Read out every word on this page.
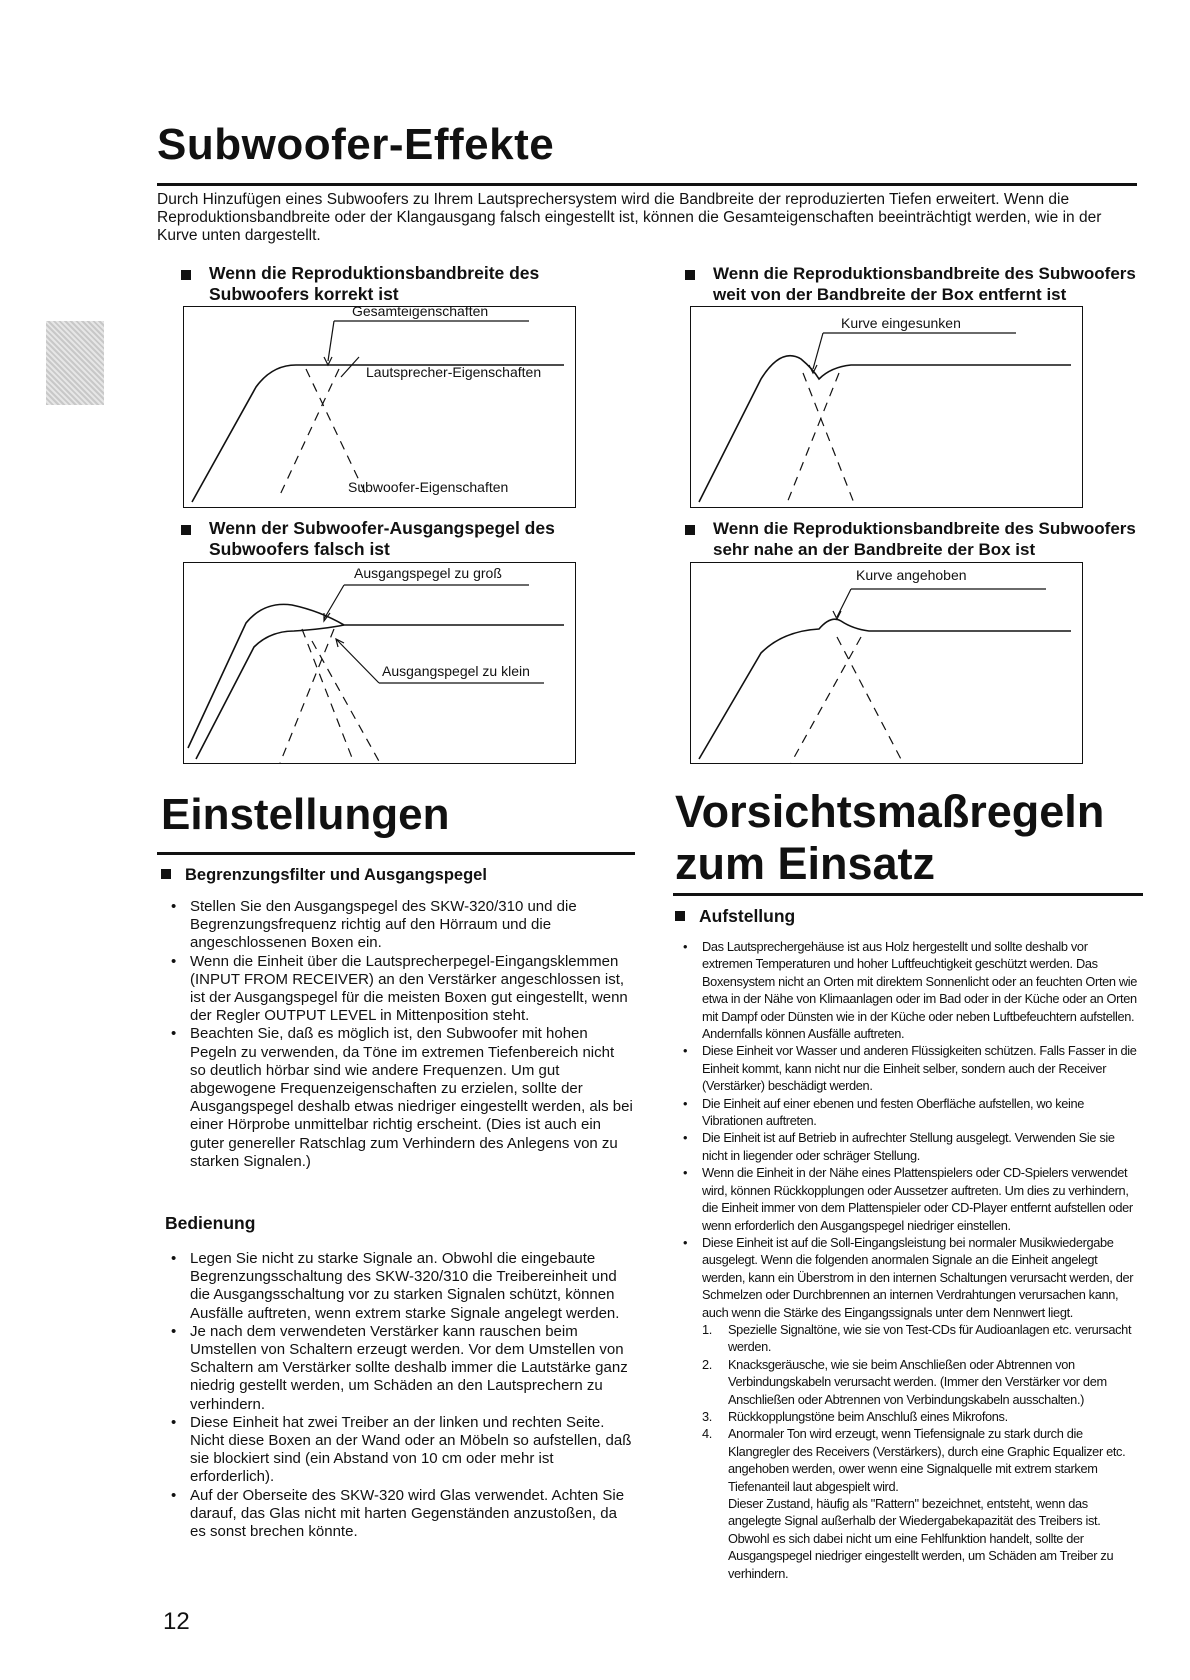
Subwoofer-Effekte

Durch Hinzufügen eines Subwoofers zu Ihrem Lautsprechersystem wird die Bandbreite der reproduzierten Tiefen erweitert. Wenn die Reproduktionsbandbreite oder der Klangausgang falsch eingestellt ist, können die Gesamteigenschaften beeinträchtigt werden, wie in der Kurve unten dargestellt.

Wenn die Reproduktionsbandbreite des Subwoofers korrekt ist
Gesamteigenschaften
Lautsprecher-Eigenschaften
Subwoofer-Eigenschaften
Wenn die Reproduktionsbandbreite des Subwoofers weit von der Bandbreite der Box entfernt ist
Kurve eingesunken
Wenn der Subwoofer-Ausgangspegel des Subwoofers falsch ist
Ausgangspegel zu groß
Ausgangspegel zu klein
Wenn die Reproduktionsbandbreite des Subwoofers sehr nahe an der Bandbreite der Box ist
Kurve angehoben
Einstellungen
Begrenzungsfilter und Ausgangspegel
• Stellen Sie den Ausgangspegel des SKW-320/310 und die Begrenzungsfrequenz richtig auf den Hörraum und die angeschlossenen Boxen ein.
• Wenn die Einheit über die Lautsprecherpegel-Eingangsklemmen (INPUT FROM RECEIVER) an den Verstärker angeschlossen ist, ist der Ausgangspegel für die meisten Boxen gut eingestellt, wenn der Regler OUTPUT LEVEL in Mittenposition steht.
• Beachten Sie, daß es möglich ist, den Subwoofer mit hohen Pegeln zu verwenden, da Töne im extremen Tiefenbereich nicht so deutlich hörbar sind wie andere Frequenzen. Um gut abgewogene Frequenzeigenschaften zu erzielen, sollte der Ausgangspegel deshalb etwas niedriger eingestellt werden, als bei einer Hörprobe unmittelbar richtig erscheint. (Dies ist auch ein guter genereller Ratschlag zum Verhindern des Anlegens von zu starken Signalen.)
Bedienung
• Legen Sie nicht zu starke Signale an. Obwohl die eingebaute Begrenzungsschaltung des SKW-320/310 die Treibereinheit und die Ausgangsschaltung vor zu starken Signalen schützt, können Ausfälle auftreten, wenn extrem starke Signale angelegt werden.
• Je nach dem verwendeten Verstärker kann rauschen beim Umstellen von Schaltern erzeugt werden. Vor dem Umstellen von Schaltern am Verstärker sollte deshalb immer die Lautstärke ganz niedrig gestellt werden, um Schäden an den Lautsprechern zu verhindern.
• Diese Einheit hat zwei Treiber an der linken und rechten Seite. Nicht diese Boxen an der Wand oder an Möbeln so aufstellen, daß sie blockiert sind (ein Abstand von 10 cm oder mehr ist erforderlich).
• Auf der Oberseite des SKW-320 wird Glas verwendet. Achten Sie darauf, das Glas nicht mit harten Gegenständen anzustoßen, da es sonst brechen könnte.
Vorsichtsmaßregeln
zum Einsatz
Aufstellung
• Das Lautsprechergehäuse ist aus Holz hergestellt und sollte deshalb vor extremen Temperaturen und hoher Luftfeuchtigkeit geschützt werden. Das Boxensystem nicht an Orten mit direktem Sonnenlicht oder an feuchten Orten wie etwa in der Nähe von Klimaanlagen oder im Bad oder in der Küche oder an Orten mit Dampf oder Dünsten wie in der Küche oder neben Luftbefeuchtern aufstellen. Andernfalls können Ausfälle auftreten.
• Diese Einheit vor Wasser und anderen Flüssigkeiten schützen. Falls Fasser in die Einheit kommt, kann nicht nur die Einheit selber, sondern auch der Receiver (Verstärker) beschädigt werden.
• Die Einheit auf einer ebenen und festen Oberfläche aufstellen, wo keine Vibrationen auftreten.
• Die Einheit ist auf Betrieb in aufrechter Stellung ausgelegt. Verwenden Sie sie nicht in liegender oder schräger Stellung.
• Wenn die Einheit in der Nähe eines Plattenspielers oder CD-Spielers verwendet wird, können Rückkopplungen oder Aussetzer auftreten. Um dies zu verhindern, die Einheit immer von dem Plattenspieler oder CD-Player entfernt aufstellen oder wenn erforderlich den Ausgangspegel niedriger einstellen.
• Diese Einheit ist auf die Soll-Eingangsleistung bei normaler Musikwiedergabe ausgelegt. Wenn die folgenden anormalen Signale an die Einheit angelegt werden, kann ein Überstrom in den internen Schaltungen verursacht werden, der Schmelzen oder Durchbrennen an internen Verdrahtungen verursachen kann, auch wenn die Stärke des Eingangssignals unter dem Nennwert liegt.
1. Spezielle Signaltöne, wie sie von Test-CDs für Audioanlagen etc. verursacht werden.
2. Knacksgeräusche, wie sie beim Anschließen oder Abtrennen von Verbindungskabeln verursacht werden. (Immer den Verstärker vor dem Anschließen oder Abtrennen von Verbindungskabeln ausschalten.)
3. Rückkopplungstöne beim Anschluß eines Mikrofons.
4. Anormaler Ton wird erzeugt, wenn Tiefensignale zu stark durch die Klangregler des Receivers (Verstärkers), durch eine Graphic Equalizer etc. angehoben werden, ower wenn eine Signalquelle mit extrem starkem Tiefenanteil laut abgespielt wird.
Dieser Zustand, häufig als "Rattern" bezeichnet, entsteht, wenn das angelegte Signal außerhalb der Wiedergabekapazität des Treibers ist. Obwohl es sich dabei nicht um eine Fehlfunktion handelt, sollte der Ausgangspegel niedriger eingestellt werden, um Schäden am Treiber zu verhindern.
12
